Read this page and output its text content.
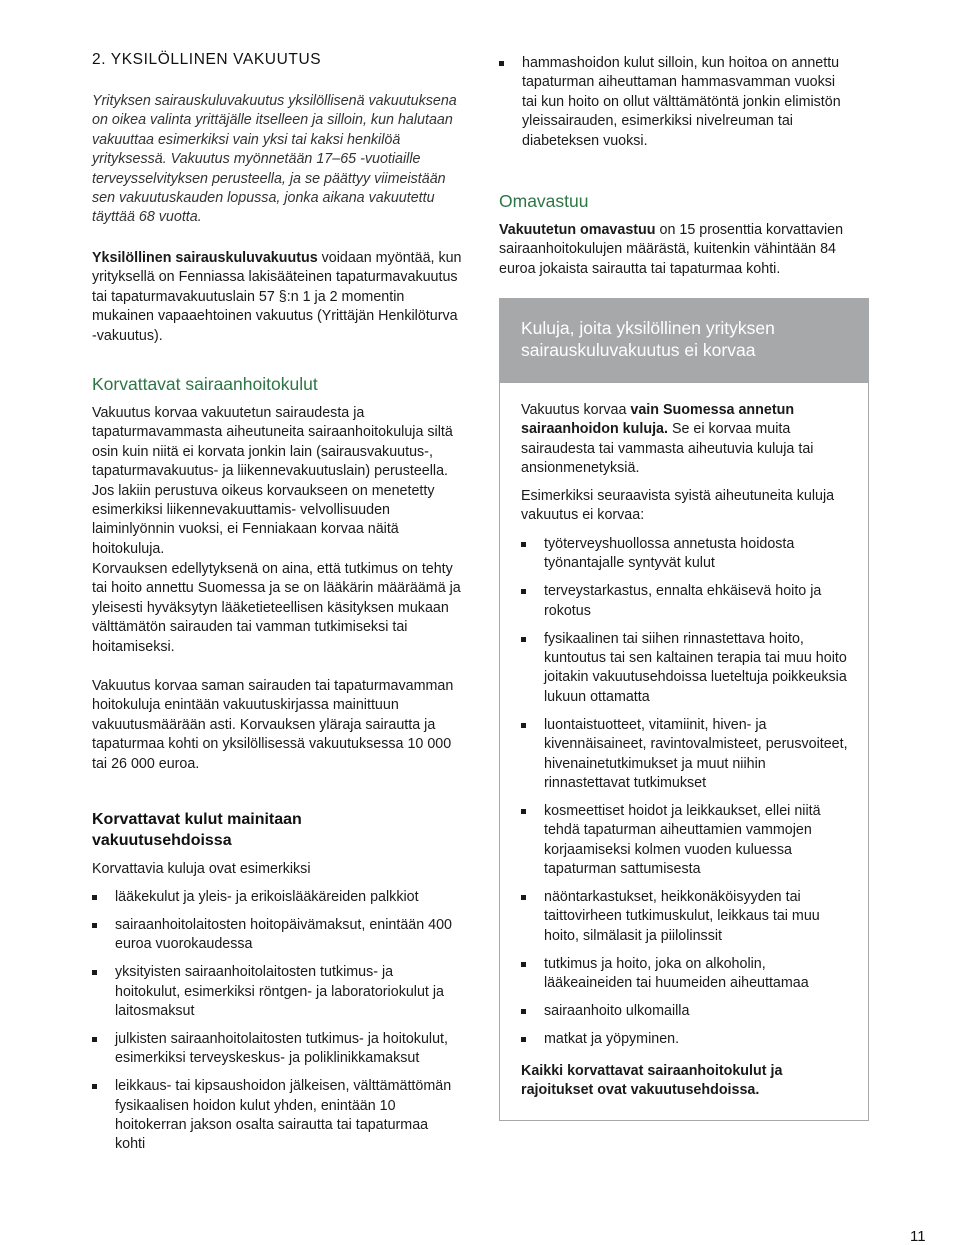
2. YKSILÖLLINEN VAKUUTUS

Yrityksen sairauskuluvakuutus yksilöllisenä vakuutuksena on oikea valinta yrittäjälle itselleen ja silloin, kun halutaan vakuuttaa esimerkiksi vain yksi tai kaksi henkilöä yrityksessä. Vakuutus myönnetään 17–65 -vuotiaille terveysselvityksen perusteella, ja se päättyy viimeistään sen vakuutuskauden lopussa, jonka aikana vakuutettu täyttää 68 vuotta.

Yksilöllinen sairauskuluvakuutus voidaan myöntää, kun yrityksellä on Fenniassa lakisääteinen tapaturmavakuutus tai tapaturmavakuutuslain 57 §:n 1 ja 2 momentin mukainen vapaaehtoinen vakuutus (Yrittäjän Henkilöturva -vakuutus).

Korvattavat sairaanhoitokulut

Vakuutus korvaa vakuutetun sairaudesta ja tapaturmavammasta aiheutuneita sairaanhoitokuluja siltä osin kuin niitä ei korvata jonkin lain (sairausvakuutus-, tapaturmavakuutus- ja liikennevakuutuslain) perusteella. Jos lakiin perustuva oikeus korvaukseen on menetetty esimerkiksi liikennevakuuttamis- velvollisuuden laiminlyönnin vuoksi, ei Fenniakaan korvaa näitä hoitokuluja.

Korvauksen edellytyksenä on aina, että tutkimus on tehty tai hoito annettu Suomessa ja se on lääkärin määräämä ja yleisesti hyväksytyn lääketieteellisen käsityksen mukaan välttämätön sairauden tai vamman tutkimiseksi tai hoitamiseksi.

Vakuutus korvaa saman sairauden tai tapaturmavamman hoitokuluja enintään vakuutuskirjassa mainittuun vakuutusmäärään asti. Korvauksen yläraja sairautta ja tapaturmaa kohti on yksilöllisessä vakuutuksessa 10 000 tai 26 000 euroa.

Korvattavat kulut mainitaan vakuutusehdoissa

Korvattavia kuluja ovat esimerkiksi

lääkekulut ja yleis- ja erikoislääkäreiden palkkiot
sairaanhoitolaitosten hoitopäivämaksut, enintään 400 euroa vuorokaudessa
yksityisten sairaanhoitolaitosten tutkimus- ja hoitokulut, esimerkiksi röntgen- ja laboratoriokulut ja laitosmaksut
julkisten sairaanhoitolaitosten tutkimus- ja hoitokulut, esimerkiksi terveyskeskus- ja poliklinikkamaksut
leikkaus- tai kipsaushoidon jälkeisen, välttämättömän fysikaalisen hoidon kulut yhden, enintään 10 hoitokerran jakson osalta sairautta tai tapaturmaa kohti
hammashoidon kulut silloin, kun hoitoa on annettu tapaturman aiheuttaman hammasvamman vuoksi tai kun hoito on ollut välttämätöntä jonkin elimistön yleissairauden, esimerkiksi nivelreuman tai diabeteksen vuoksi.
Omavastuu

Vakuutetun omavastuu on 15 prosenttia korvattavien sairaanhoitokulujen määrästä, kuitenkin vähintään 84 euroa jokaista sairautta tai tapaturmaa kohti.

Kuluja, joita yksilöllinen yrityksen sairauskuluvakuutus ei korvaa

Vakuutus korvaa vain Suomessa annetun sairaanhoidon kuluja. Se ei korvaa muita sairaudesta tai vammasta aiheutuvia kuluja tai ansionmenetyksiä.

Esimerkiksi seuraavista syistä aiheutuneita kuluja vakuutus ei korvaa:

työterveyshuollossa annetusta hoidosta työnantajalle syntyvät kulut
terveystarkastus, ennalta ehkäisevä hoito ja rokotus
fysikaalinen tai siihen rinnastettava hoito, kuntoutus tai sen kaltainen terapia tai muu hoito joitakin vakuutusehdoissa lueteltuja poikkeuksia lukuun ottamatta
luontaistuotteet, vitamiinit, hiven- ja kivennäisaineet, ravintovalmisteet, perusvoiteet, hivenainetutkimukset ja muut niihin rinnastettavat tutkimukset
kosmeettiset hoidot ja leikkaukset, ellei niitä tehdä tapaturman aiheuttamien vammojen korjaamiseksi kolmen vuoden kuluessa tapaturman sattumisesta
näöntarkastukset, heikkonäköisyyden tai taittovirheen tutkimuskulut, leikkaus tai muu hoito, silmälasit ja piilolinssit
tutkimus ja hoito, joka on alkoholin, lääkeaineiden tai huumeiden aiheuttamaa
sairaanhoito ulkomailla
matkat ja yöpyminen.

Kaikki korvattavat sairaanhoitokulut ja rajoitukset ovat vakuutusehdoissa.

11
